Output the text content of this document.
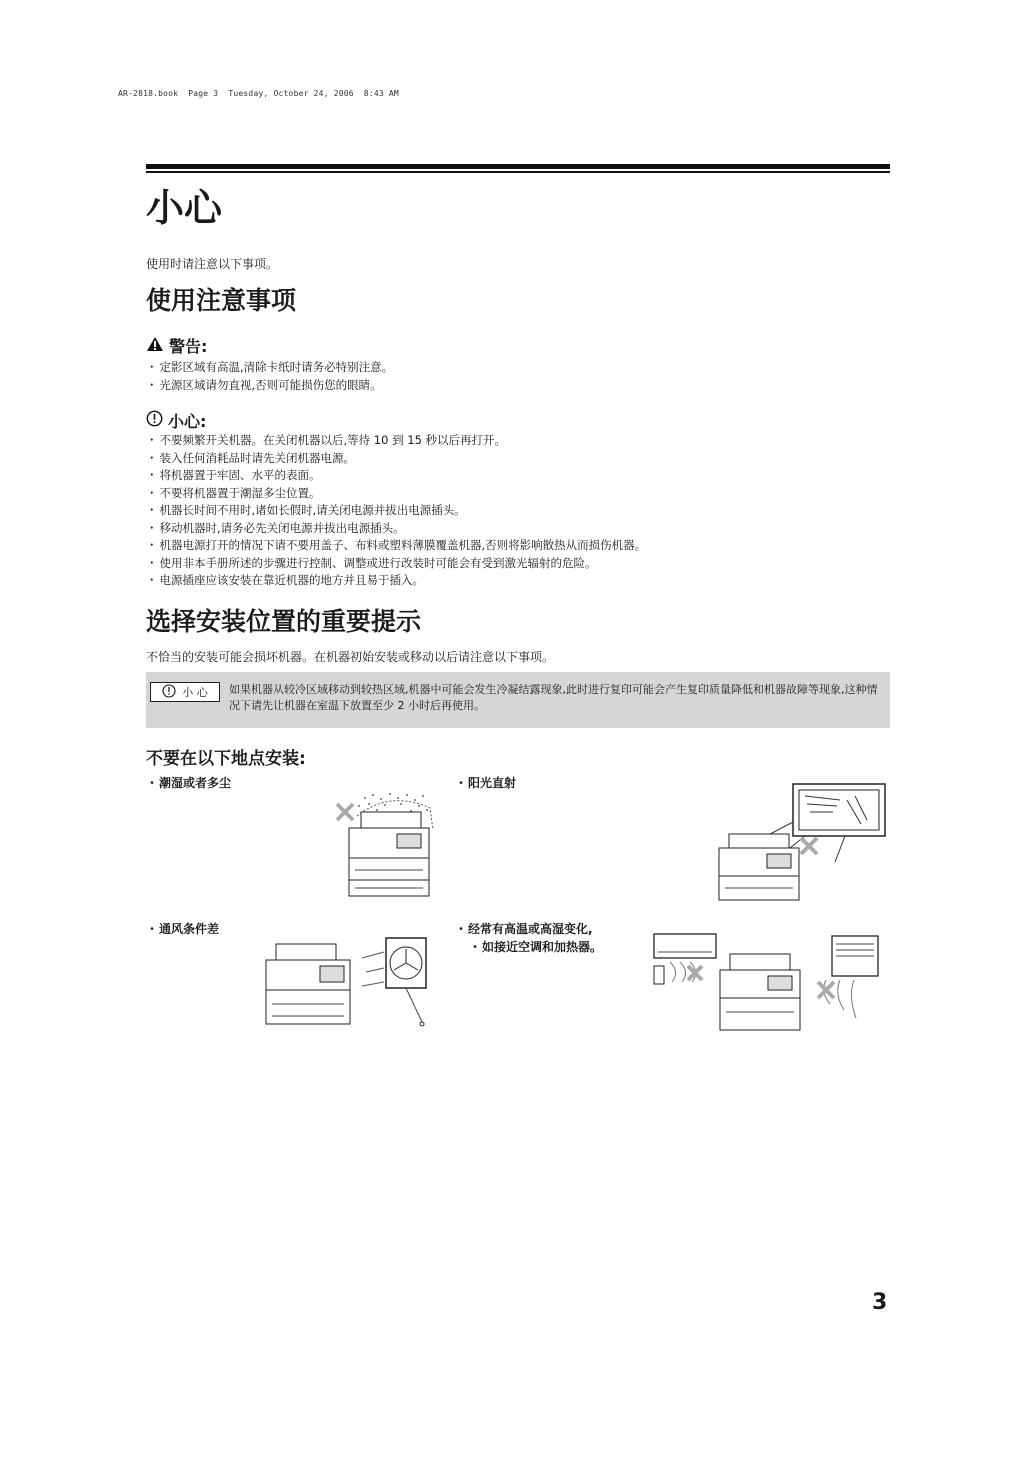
AR-2818.book  Page 3  Tuesday, October 24, 2006  8:43 AM
小心

使用时请注意以下事项。

使用注意事项
警告:
・ 定影区域有高温,清除卡纸时请务必特别注意。
・ 光源区域请勿直视,否则可能损伤您的眼睛。
小心:
・ 不要频繁开关机器。在关闭机器以后,等待 10 到 15 秒以后再打开。
・ 装入任何消耗品时请先关闭机器电源。
・ 将机器置于牢固、水平的表面。
・ 不要将机器置于潮湿多尘位置。
・ 机器长时间不用时,诸如长假时,请关闭电源并拔出电源插头。
・ 移动机器时,请务必先关闭电源并拔出电源插头。
・ 机器电源打开的情况下请不要用盖子、布料或塑料薄膜覆盖机器,否则将影响散热从而损伤机器。
・ 使用非本手册所述的步骤进行控制、调整或进行改装时可能会有受到激光辐射的危险。
・ 电源插座应该安装在靠近机器的地方并且易于插入。
选择安装位置的重要提示

不恰当的安装可能会损坏机器。在机器初始安装或移动以后请注意以下事项。

小 心 如果机器从较冷区域移动到较热区域,机器中可能会发生冷凝结露现象,此时进行复印可能会产生复印质量降低和机器故障等现象,这种情况下请先让机器在室温下放置至少 2 小时后再使用。

不要在以下地点安装:

・ 潮湿或者多尘	・ 阳光直射

・ 通风条件差	・ 经常有高温或高湿变化,

・ 如接近空调和加热器。

3
